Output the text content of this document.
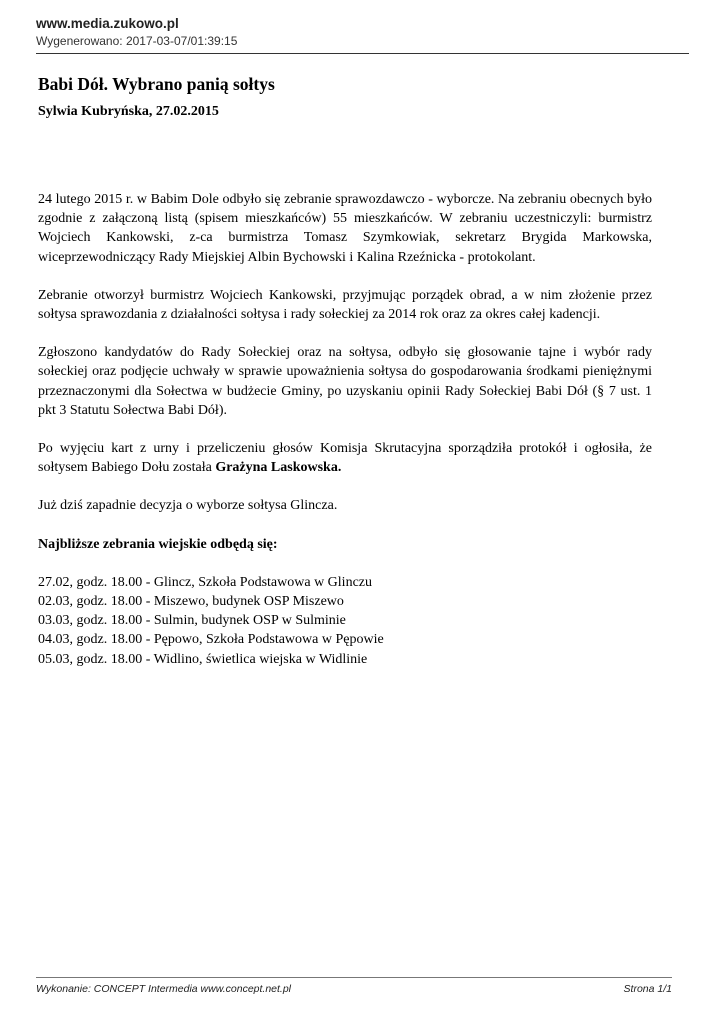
www.media.zukowo.pl
Wygenerowano: 2017-03-07/01:39:15
Babi Dół. Wybrano panią sołtys
Sylwia Kubryńska, 27.02.2015

24 lutego 2015 r. w Babim Dole odbyło się zebranie sprawozdawczo - wyborcze. Na zebraniu obecnych było zgodnie z załączoną listą (spisem mieszkańców) 55 mieszkańców. W zebraniu uczestniczyli: burmistrz Wojciech Kankowski, z-ca burmistrza Tomasz Szymkowiak, sekretarz Brygida Markowska, wiceprzewodniczący Rady Miejskiej Albin Bychowski i Kalina Rzeźnicka - protokolant.

Zebranie otworzył burmistrz Wojciech Kankowski, przyjmując porządek obrad, a w nim złożenie przez sołtysa sprawozdania z działalności sołtysa i rady sołeckiej za 2014 rok oraz za okres całej kadencji.

Zgłoszono kandydatów do Rady Sołeckiej oraz na sołtysa, odbyło się głosowanie tajne i wybór rady sołeckiej oraz podjęcie uchwały w sprawie upoważnienia sołtysa do gospodarowania środkami pieniężnymi przeznaczonymi dla Sołectwa w budżecie Gminy, po uzyskaniu opinii Rady Sołeckiej Babi Dół (§ 7 ust. 1 pkt 3 Statutu Sołectwa Babi Dół).

Po wyjęciu kart z urny i przeliczeniu głosów Komisja Skrutacyjna sporządziła protokół i ogłosiła, że sołtysem Babiego Dołu została Grażyna Laskowska.

Już dziś zapadnie decyzja o wyborze sołtysa Glincza.

Najbliższe zebrania wiejskie odbędą się:

27.02, godz. 18.00 - Glincz, Szkoła Podstawowa w Glinczu
02.03, godz. 18.00 - Miszewo, budynek OSP Miszewo
03.03, godz. 18.00 - Sulmin, budynek OSP w Sulminie
04.03, godz. 18.00 - Pępowo, Szkoła Podstawowa w Pępowie
05.03, godz. 18.00 - Widlino, świetlica wiejska w Widlinie
Wykonanie: CONCEPT Intermedia www.concept.net.pl	Strona 1/1
